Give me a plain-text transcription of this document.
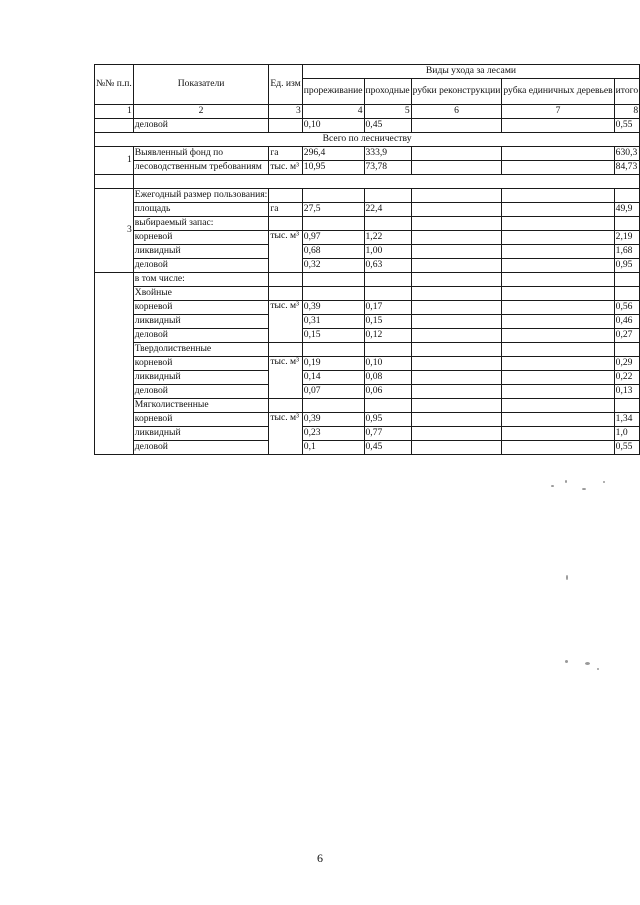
№№ п.п.	Показатели	Ед. изм	Виды ухода за лесами				
			прореживание	проходные	рубки реконструкции	рубка единичных деревьев	итого
1	2	3	4	5	6	7	8
	деловой		0,10	0,45			0,55
Всего по лесничеству							
1	Выявленный фонд по	га	296,4	333,9			630,3
	лесоводственным требованиям	тыс. м³	10,95	73,78			84,73

3	Ежегодный размер пользования:						
	площадь	га	27,5	22,4			49,9
	выбираемый запас:						
	корневой	тыс. м³	0,97	1,22			2,19
	ликвидный		0,68	1,00			1,68
	деловой		0,32	0,63			0,95
	в том числе:						
	Хвойные						
	корневой	тыс. м³	0,39	0,17			0,56
	ликвидный		0,31	0,15			0,46
	деловой		0,15	0,12			0,27
	Твердолиственные						
	корневой	тыс. м³	0,19	0,10			0,29
	ликвидный		0,14	0,08			0,22
	деловой		0,07	0,06			0,13
	Мягколиственные						
	корневой	тыс. м³	0,39	0,95			1,34
	ликвидный		0,23	0,77			1,0
	деловой		0,1	0,45			0,55
6
